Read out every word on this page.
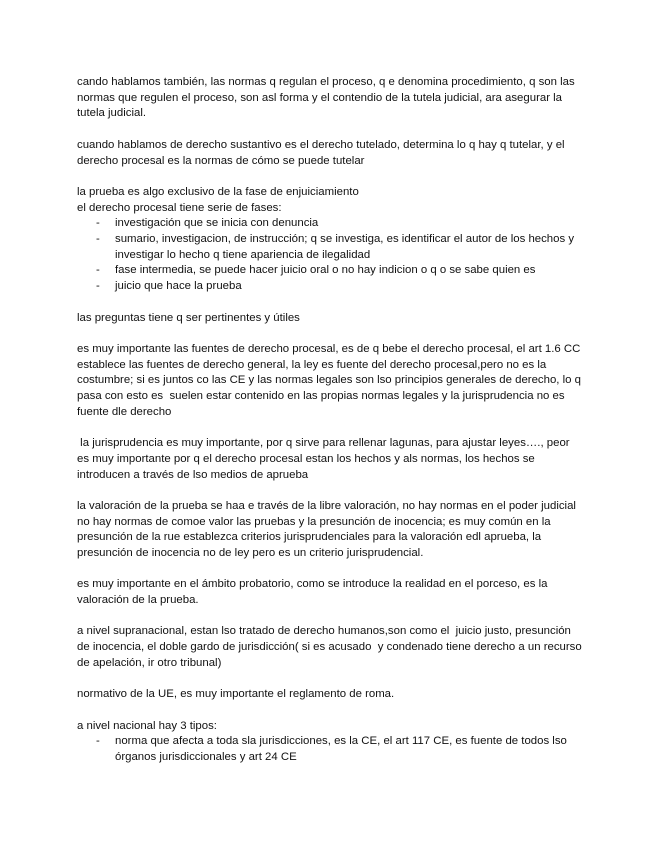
cando hablamos también, las normas q regulan el proceso, q e denomina procedimiento, q son las normas que regulen el proceso, son asl forma y el contendio de la tutela judicial, ara asegurar la tutela judicial.

cuando hablamos de derecho sustantivo es el derecho tutelado, determina lo q hay q tutelar, y el derecho procesal es la normas de cómo se puede tutelar

la prueba es algo exclusivo de la fase de enjuiciamiento

el derecho procesal tiene serie de fases:

- investigación que se inicia con denuncia
- sumario, investigacion, de instrucción; q se investiga, es identificar el autor de los hechos y investigar lo hecho q tiene apariencia de ilegalidad
- fase intermedia, se puede hacer juicio oral o no hay indicion o q o se sabe quien es
- juicio que hace la prueba

las preguntas tiene q ser pertinentes y útiles

es muy importante las fuentes de derecho procesal, es de q bebe el derecho procesal, el art 1.6 CC establece las fuentes de derecho general, la ley es fuente del derecho procesal,pero no es la costumbre; si es juntos co las CE y las normas legales son lso principios generales de derecho, lo q pasa con esto es  suelen estar contenido en las propias normas legales y la jurisprudencia no es fuente dle derecho

la jurisprudencia es muy importante, por q sirve para rellenar lagunas, para ajustar leyes…., peor es muy importante por q el derecho procesal estan los hechos y als normas, los hechos se introducen a través de lso medios de aprueba

la valoración de la prueba se haa e través de la libre valoración, no hay normas en el poder judicial no hay normas de comoe valor las pruebas y la presunción de inocencia; es muy común en la presunción de la rue establezca criterios jurisprudenciales para la valoración edl aprueba, la presunción de inocencia no de ley pero es un criterio jurisprudencial.

es muy importante en el ámbito probatorio, como se introduce la realidad en el porceso, es la valoración de la prueba.

a nivel supranacional, estan lso tratado de derecho humanos,son como el  juicio justo, presunción de inocencia, el doble gardo de jurisdicción( si es acusado  y condenado tiene derecho a un recurso de apelación, ir otro tribunal)

normativo de la UE, es muy importante el reglamento de roma.

a nivel nacional hay 3 tipos:

- norma que afecta a toda sla jurisdicciones, es la CE, el art 117 CE, es fuente de todos lso órganos jurisdiccionales y art 24 CE
